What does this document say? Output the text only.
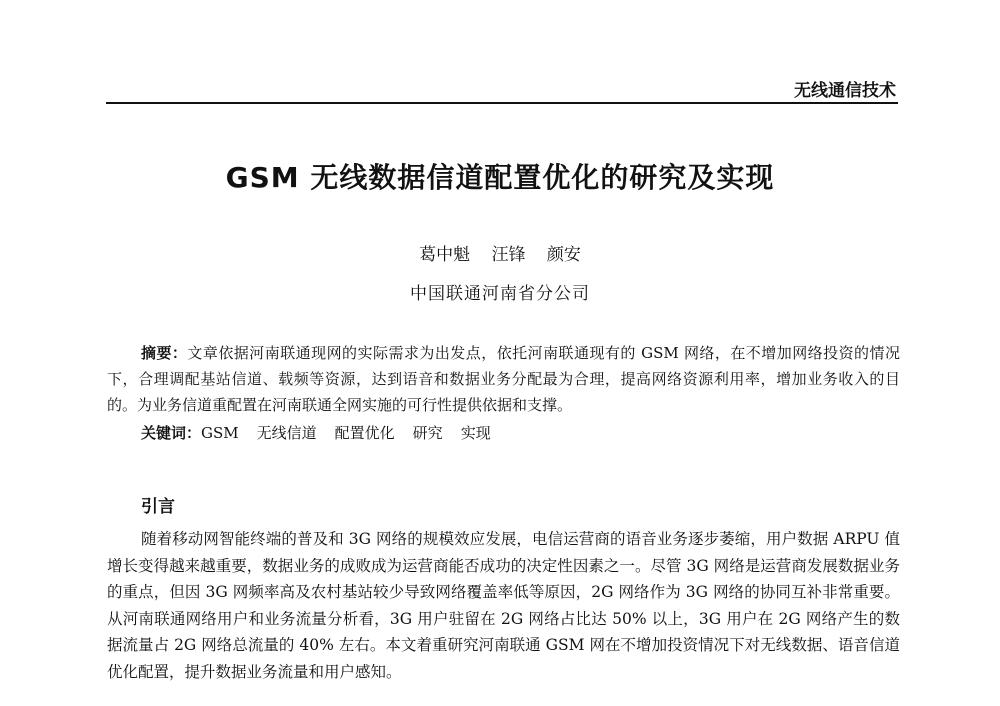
无线通信技术
GSM 无线数据信道配置优化的研究及实现
葛中魁 汪锋 颜安
中国联通河南省分公司

摘要：文章依据河南联通现网的实际需求为出发点，依托河南联通现有的 GSM 网络，在不增加网络投资的情况下，合理调配基站信道、载频等资源，达到语音和数据业务分配最为合理，提高网络资源利用率，增加业务收入的目的。为业务信道重配置在河南联通全网实施的可行性提供依据和支撑。

关键词：GSM 无线信道 配置优化 研究 实现

引言

随着移动网智能终端的普及和 3G 网络的规模效应发展，电信运营商的语音业务逐步萎缩，用户数据 ARPU 值增长变得越来越重要，数据业务的成败成为运营商能否成功的决定性因素之一。尽管 3G 网络是运营商发展数据业务的重点，但因 3G 网频率高及农村基站较少导致网络覆盖率低等原因，2G 网络作为 3G 网络的协同互补非常重要。从河南联通网络用户和业务流量分析看，3G 用户驻留在 2G 网络占比达 50% 以上，3G 用户在 2G 网络产生的数据流量占 2G 网络总流量的 40% 左右。本文着重研究河南联通 GSM 网在不增加投资情况下对无线数据、语音信道优化配置，提升数据业务流量和用户感知。
